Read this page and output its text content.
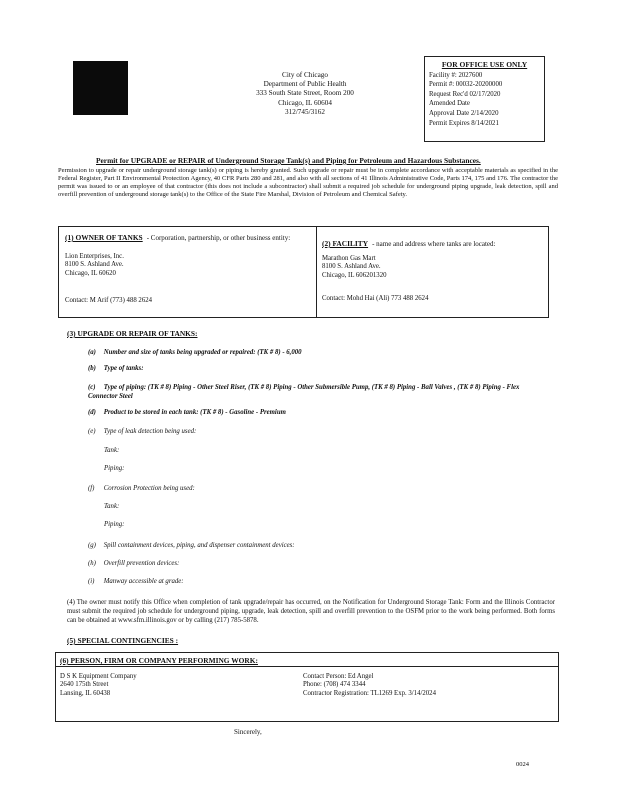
City of Chicago
Department of Public Health
333 South State Street, Room 200
Chicago, IL 60604
312/745/3162
FOR OFFICE USE ONLY
Facility #: 2027600
Permit #: 00032-20200000
Request Rec'd 02/17/2020
Amended Date
Approval Date 2/14/2020
Permit Expires 8/14/2021
Permit for UPGRADE or REPAIR of Underground Storage Tank(s) and Piping for Petroleum and Hazardous Substances.
Permission to upgrade or repair underground storage tank(s) or piping is hereby granted. Such upgrade or repair must be in complete accordance with acceptable materials as specified in the Federal Register, Part II Environmental Protection Agency, 40 CFR Parts 280 and 281, and also with all sections of 41 Illinois Administrative Code, Parts 174, 175 and 176. The contractor the permit was issued to or an employee of that contractor (this does not include a subcontractor) shall submit a required job schedule for underground piping upgrade, leak detection, spill and overfill prevention of underground storage tank(s) to the Office of the State Fire Marshal, Division of Petroleum and Chemical Safety.
(1) OWNER OF TANKS - Corporation, partnership, or other business entity:
Lion Enterprises, Inc.
8100 S. Ashland Ave.
Chicago, IL 60620
Contact: M Arif (773) 488 2624
(2) FACILITY - name and address where tanks are located:
Marathon Gas Mart
8100 S. Ashland Ave.
Chicago, IL 606201320
Contact: Mohd Hai (Ali) 773 488 2624
(3) UPGRADE OR REPAIR OF TANKS:
(a) Number and size of tanks being upgraded or repaired: (TK # 8) - 6,000
(b) Type of tanks:
(c) Type of piping: (TK # 8) Piping - Other Steel Riser, (TK # 8) Piping - Other Submersible Pump, (TK # 8) Piping - Ball Valves , (TK # 8) Piping - Flex Connector Steel
(d) Product to be stored in each tank: (TK # 8) - Gasoline - Premium
(e) Type of leak detection being used:
Tank:
Piping:
(f) Corrosion Protection being used:
Tank:
Piping:
(g) Spill containment devices, piping, and dispenser containment devices:
(h) Overfill prevention devices:
(i) Manway accessible at grade:
(4) The owner must notify this Office when completion of tank upgrade/repair has occurred, on the Notification for Underground Storage Tank: Form and the Illinois Contractor must submit the required job schedule for underground piping, upgrade, leak detection, spill and overfill prevention to the OSFM prior to the work being performed. Both forms can be obtained at www.sfm.illinois.gov or by calling (217) 785-5878.
(5) SPECIAL CONTINGENCIES :
(6) PERSON, FIRM OR COMPANY PERFORMING WORK:
D S K Equipment Company
2640 175th Street
Lansing, IL 60438
Contact Person: Ed Angel
Phone: (708) 474 3344
Contractor Registration: TL1269 Exp. 3/14/2024
Sincerely,
0024
